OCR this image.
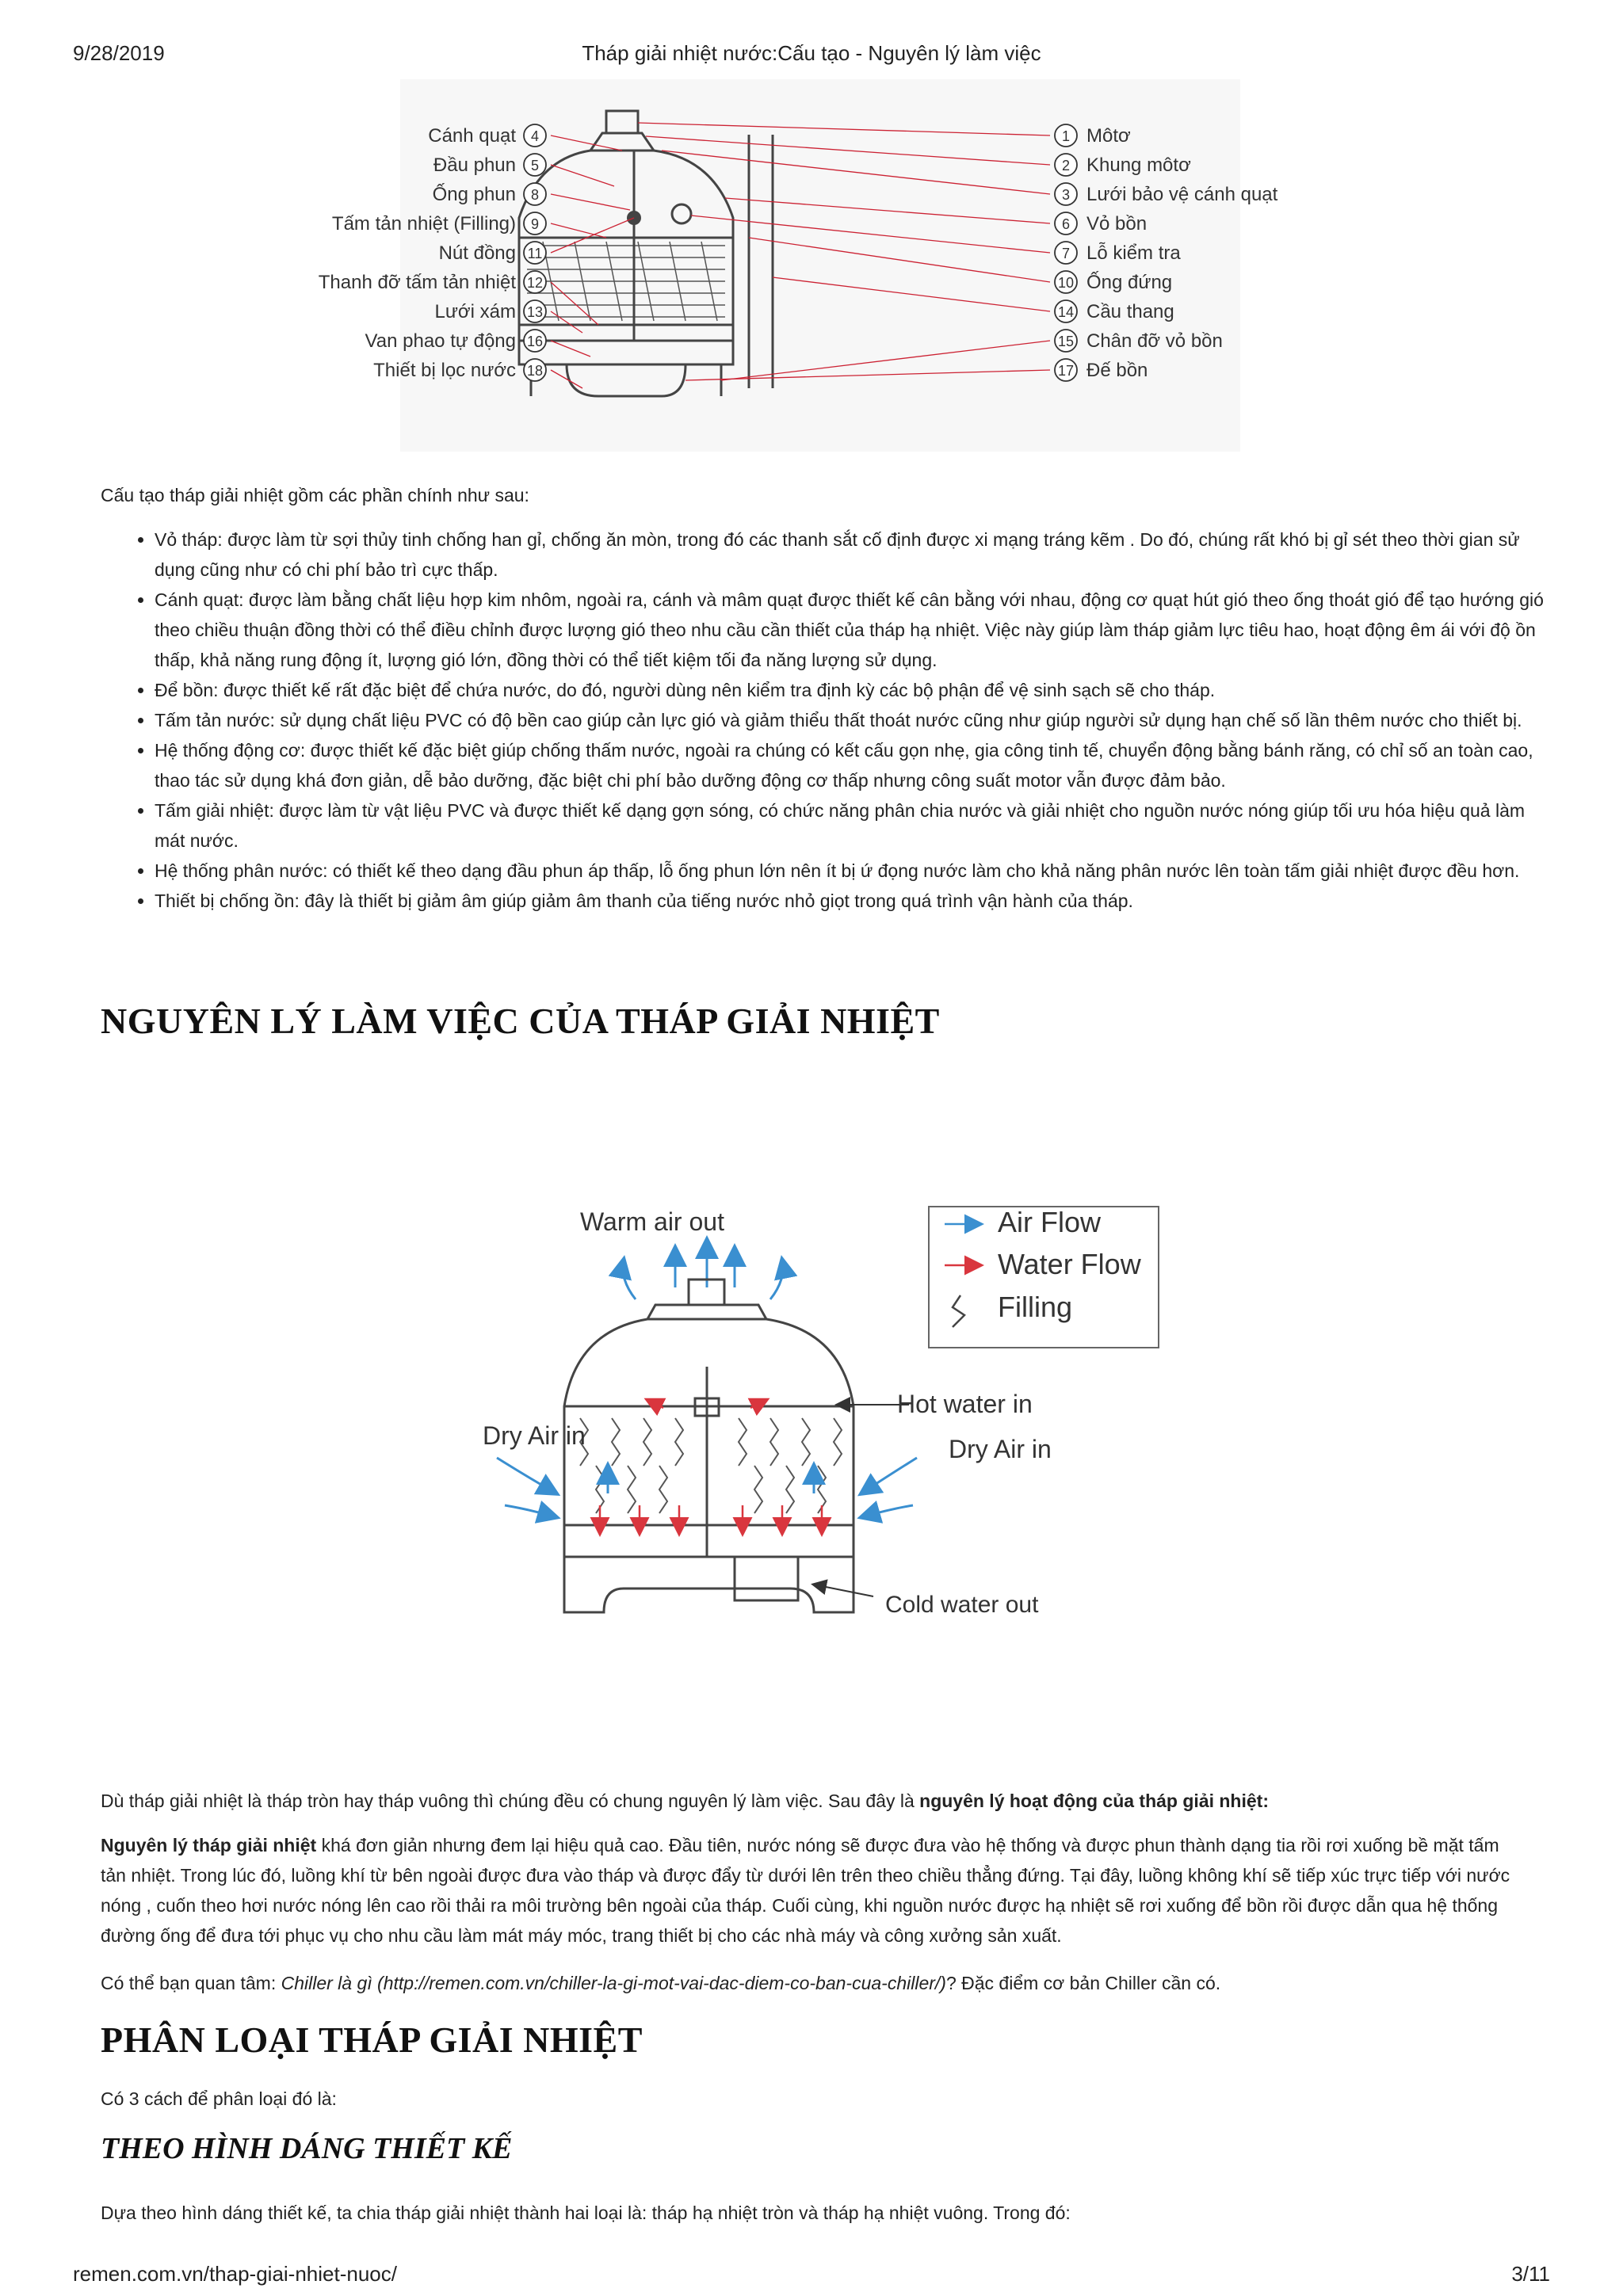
9/28/2019	Tháp giải nhiệt nước:Cấu tạo - Nguyên lý làm việc
Cánh quạt 4
Đầu phun 5
Ống phun 8
Tấm tản nhiệt (Filling) 9
Nút đồng 11
Thanh đỡ tấm tản nhiệt 12
Lưới xám 13
Van phao tự động 16
Thiết bị lọc nước 18
1 Môtơ
2 Khung môtơ
3 Lưới bảo vệ cánh quạt
6 Vỏ bồn
7 Lỗ kiểm tra
10 Ống đứng
14 Cầu thang
15 Chân đỡ vỏ bồn
17 Đế bồn

Cấu tạo tháp giải nhiệt gồm các phần chính như sau:

• Vỏ tháp: được làm từ sợi thủy tinh chống han gỉ, chống ăn mòn, trong đó các thanh sắt cố định được xi mạng tráng kẽm . Do đó, chúng rất khó bị gỉ sét theo thời gian sử dụng cũng như có chi phí bảo trì cực thấp.
• Cánh quạt: được làm bằng chất liệu hợp kim nhôm, ngoài ra, cánh và mâm quạt được thiết kế cân bằng với nhau, động cơ quạt hút gió theo ống thoát gió để tạo hướng gió theo chiều thuận đồng thời có thể điều chỉnh được lượng gió theo nhu cầu cần thiết của tháp hạ nhiệt. Việc này giúp làm tháp giảm lực tiêu hao, hoạt động êm ái với độ ồn thấp, khả năng rung động ít, lượng gió lớn, đồng thời có thể tiết kiệm tối đa năng lượng sử dụng.
• Để bồn: được thiết kế rất đặc biệt để chứa nước, do đó, người dùng nên kiểm tra định kỳ các bộ phận để vệ sinh sạch sẽ cho tháp.
• Tấm tản nước: sử dụng chất liệu PVC có độ bền cao giúp cản lực gió và giảm thiểu thất thoát nước cũng như giúp người sử dụng hạn chế số lần thêm nước cho thiết bị.
• Hệ thống động cơ: được thiết kế đặc biệt giúp chống thấm nước, ngoài ra chúng có kết cấu gọn nhẹ, gia công tinh tế, chuyển động bằng bánh răng, có chỉ số an toàn cao, thao tác sử dụng khá đơn giản, dễ bảo dưỡng, đặc biệt chi phí bảo dưỡng động cơ thấp nhưng công suất motor vẫn được đảm bảo.
• Tấm giải nhiệt: được làm từ vật liệu PVC và được thiết kế dạng gợn sóng, có chức năng phân chia nước và giải nhiệt cho nguồn nước nóng giúp tối ưu hóa hiệu quả làm mát nước.
• Hệ thống phân nước: có thiết kế theo dạng đầu phun áp thấp, lỗ ống phun lớn nên ít bị ứ đọng nước làm cho khả năng phân nước lên toàn tấm giải nhiệt được đều hơn.
• Thiết bị chống ồn: đây là thiết bị giảm âm giúp giảm âm thanh của tiếng nước nhỏ giọt trong quá trình vận hành của tháp.
NGUYÊN LÝ LÀM VIỆC CỦA THÁP GIẢI NHIỆT
Air Flow
Water Flow
Filling
Warm air out
Dry Air in	Dry Air in
Hot water in
Cold water out

Dù tháp giải nhiệt là tháp tròn hay tháp vuông thì chúng đều có chung nguyên lý làm việc. Sau đây là nguyên lý hoạt động của tháp giải nhiệt:

Nguyên lý tháp giải nhiệt khá đơn giản nhưng đem lại hiệu quả cao. Đầu tiên, nước nóng sẽ được đưa vào hệ thống và được phun thành dạng tia rồi rơi xuống bề mặt tấm tản nhiệt. Trong lúc đó, luồng khí từ bên ngoài được đưa vào tháp và được đẩy từ dưới lên trên theo chiều thẳng đứng. Tại đây, luồng không khí sẽ tiếp xúc trực tiếp với nước nóng , cuốn theo hơi nước nóng lên cao rồi thải ra môi trường bên ngoài của tháp. Cuối cùng, khi nguồn nước được hạ nhiệt sẽ rơi xuống để bồn rồi được dẫn qua hệ thống đường ống để đưa tới phục vụ cho nhu cầu làm mát máy móc, trang thiết bị cho các nhà máy và công xưởng sản xuất.

Có thể bạn quan tâm: Chiller là gì (http://remen.com.vn/chiller-la-gi-mot-vai-dac-diem-co-ban-cua-chiller/)? Đặc điểm cơ bản Chiller cần có.

PHÂN LOẠI THÁP GIẢI NHIỆT

Có 3 cách để phân loại đó là:

THEO HÌNH DÁNG THIẾT KẾ

Dựa theo hình dáng thiết kế, ta chia tháp giải nhiệt thành hai loại là: tháp hạ nhiệt tròn và tháp hạ nhiệt vuông. Trong đó:

remen.com.vn/thap-giai-nhiet-nuoc/	3/11
